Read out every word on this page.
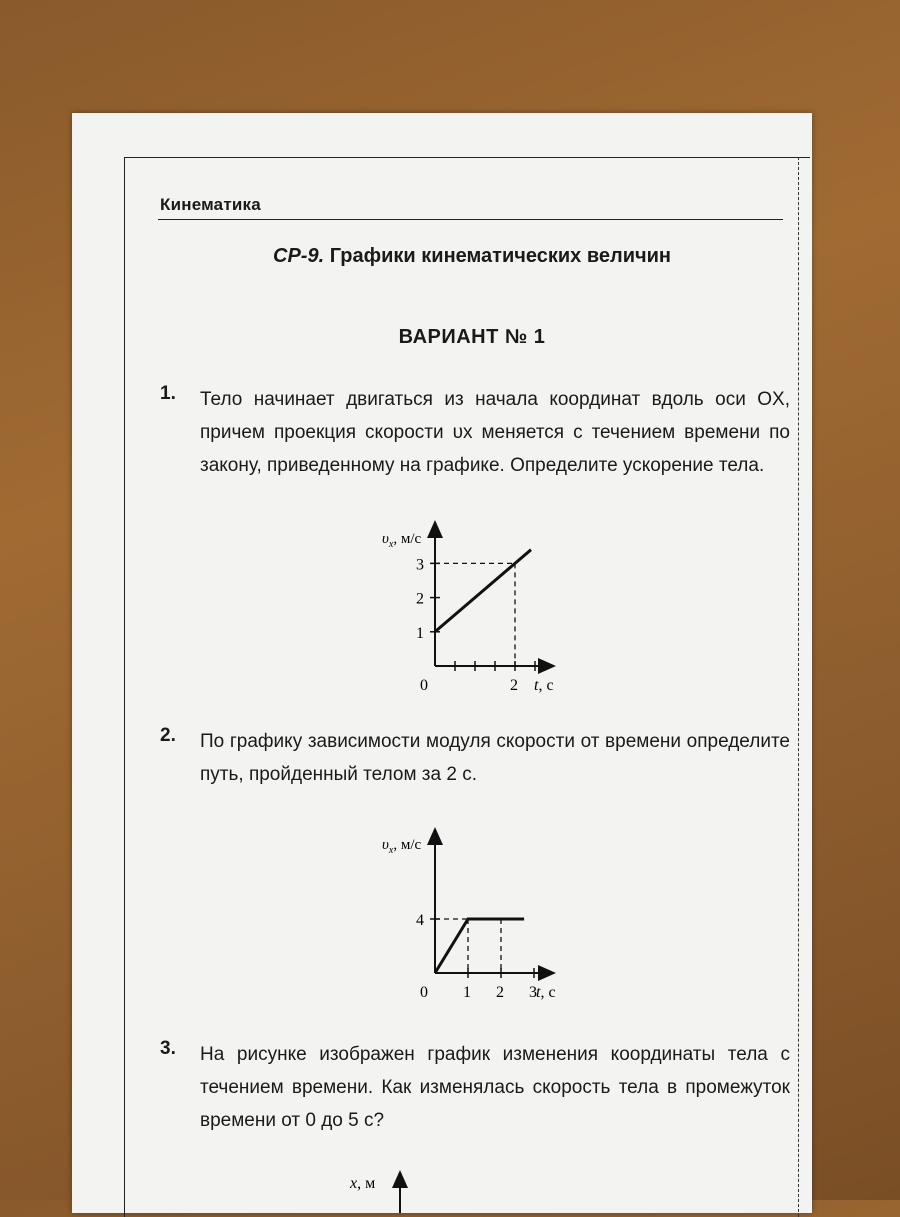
Кинематика
СР-9. Графики кинематических величин
ВАРИАНТ № 1
1. Тело начинает двигаться из начала координат вдоль оси OX, причем проекция скорости υx меняется с течением времени по закону, приведенному на графике. Определите ускорение тела.
$\upsilon_x$, м/с
1
2
3
0	2 t, с
2. По графику зависимости модуля скорости от времени определите путь, пройденный телом за 2 с.
$\upsilon_x$, м/с
4
0 1 2 3 t, с
3. На рисунке изображен график изменения координаты тела с течением времени. Как изменялась скорость тела в промежуток времени от 0 до 5 с?
x, м
